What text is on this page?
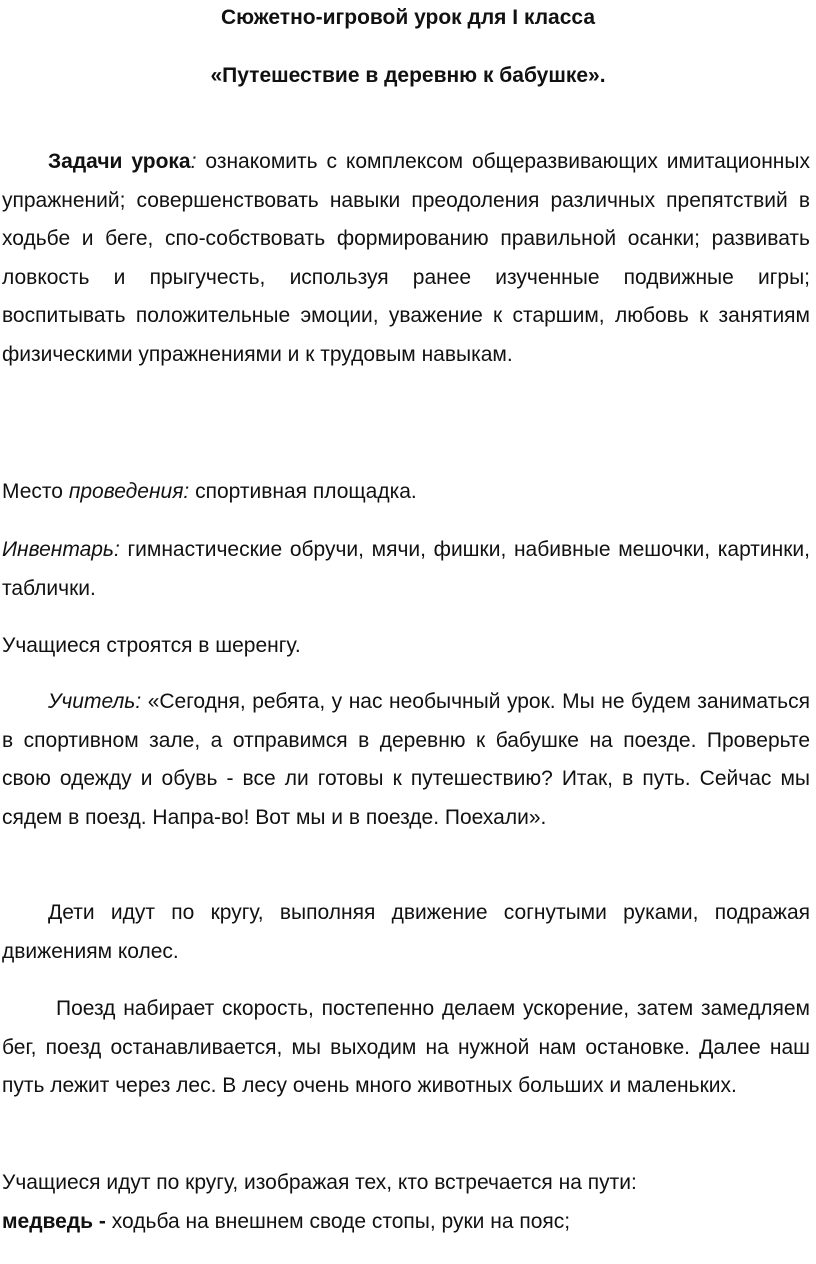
Сюжетно-игровой урок для I класса
«Путешествие в деревню к бабушке».

Задачи урока: ознакомить с комплексом общеразвивающих имитационных упражнений; совершенствовать навыки преодоления различных препятствий в ходьбе и беге, спо-собствовать формированию правильной осанки; развивать ловкость и прыгучесть, используя ранее изученные подвижные игры; воспитывать положительные эмоции, уважение к старшим, любовь к занятиям физическими упражнениями и к трудовым навыкам.

Место проведения: спортивная площадка.

Инвентарь: гимнастические обручи, мячи, фишки, набивные мешочки, картинки, таблички.

Учащиеся строятся в шеренгу.

Учитель: «Сегодня, ребята, у нас необычный урок. Мы не будем заниматься в спортивном зале, а отправимся в деревню к бабушке на поезде. Проверьте свою одежду и обувь - все ли готовы к путешествию? Итак, в путь. Сейчас мы сядем в поезд. Напра-во! Вот мы и в поезде. Поехали».

Дети идут по кругу, выполняя движение согнутыми руками, подражая движениям колес.

Поезд набирает скорость, постепенно делаем ускорение, затем замедляем бег, поезд останавливается, мы выходим на нужной нам остановке. Далее наш путь лежит через лес. В лесу очень много животных больших и маленьких.

Учащиеся идут по кругу, изображая тех, кто встречается на пути:

медведь - ходьба на внешнем своде стопы, руки на пояс;
